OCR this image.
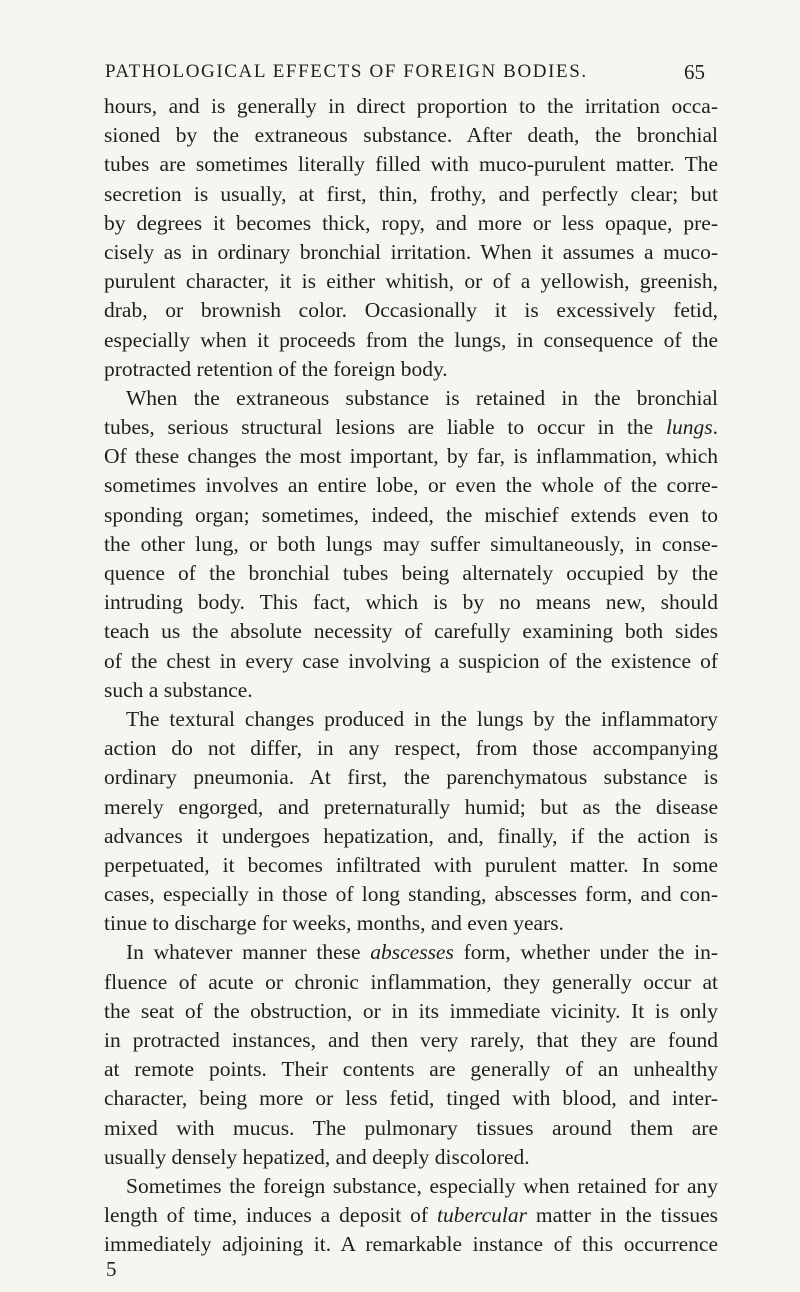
PATHOLOGICAL EFFECTS OF FOREIGN BODIES.	65
hours, and is generally in direct proportion to the irritation occa-
sioned by the extraneous substance. After death, the bronchial
tubes are sometimes literally filled with muco-purulent matter. The
secretion is usually, at first, thin, frothy, and perfectly clear; but
by degrees it becomes thick, ropy, and more or less opaque, pre-
cisely as in ordinary bronchial irritation. When it assumes a muco-
purulent character, it is either whitish, or of a yellowish, greenish,
drab, or brownish color. Occasionally it is excessively fetid,
especially when it proceeds from the lungs, in consequence of the
protracted retention of the foreign body.
When the extraneous substance is retained in the bronchial
tubes, serious structural lesions are liable to occur in the lungs.
Of these changes the most important, by far, is inflammation, which
sometimes involves an entire lobe, or even the whole of the corre-
sponding organ; sometimes, indeed, the mischief extends even to
the other lung, or both lungs may suffer simultaneously, in conse-
quence of the bronchial tubes being alternately occupied by the
intruding body. This fact, which is by no means new, should
teach us the absolute necessity of carefully examining both sides
of the chest in every case involving a suspicion of the existence of
such a substance.
The textural changes produced in the lungs by the inflammatory
action do not differ, in any respect, from those accompanying
ordinary pneumonia. At first, the parenchymatous substance is
merely engorged, and preternaturally humid; but as the disease
advances it undergoes hepatization, and, finally, if the action is
perpetuated, it becomes infiltrated with purulent matter. In some
cases, especially in those of long standing, abscesses form, and con-
tinue to discharge for weeks, months, and even years.
In whatever manner these abscesses form, whether under the in-
fluence of acute or chronic inflammation, they generally occur at
the seat of the obstruction, or in its immediate vicinity. It is only
in protracted instances, and then very rarely, that they are found
at remote points. Their contents are generally of an unhealthy
character, being more or less fetid, tinged with blood, and inter-
mixed with mucus. The pulmonary tissues around them are
usually densely hepatized, and deeply discolored.
Sometimes the foreign substance, especially when retained for any
length of time, induces a deposit of tubercular matter in the tissues
immediately adjoining it. A remarkable instance of this occurrence
5
